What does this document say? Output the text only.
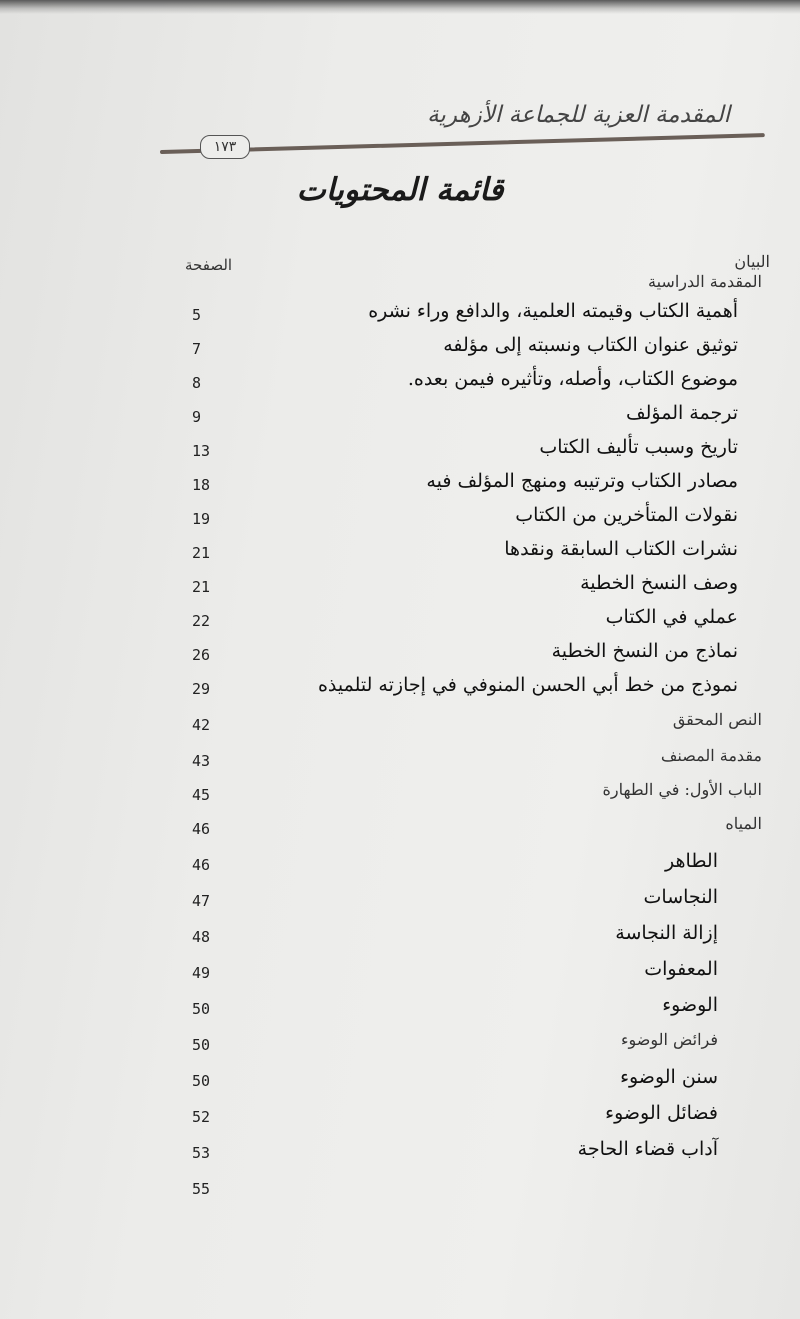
المقدمة العزية للجماعة الأزهرية
١٧٣
قائمة المحتويات
البيان
الصفحة
المقدمة الدراسية
أهمية الكتاب وقيمته العلمية، والدافع وراء نشره
5
توثيق عنوان الكتاب ونسبته إلى مؤلفه
7
موضوع الكتاب، وأصله، وتأثيره فيمن بعده.
8
ترجمة المؤلف
9
تاريخ وسبب تأليف الكتاب
13
مصادر الكتاب وترتيبه ومنهج المؤلف فيه
18
نقولات المتأخرين من الكتاب
19
نشرات الكتاب السابقة ونقدها
21
وصف النسخ الخطية
21
عملي في الكتاب
22
نماذج من النسخ الخطية
26
نموذج من خط أبي الحسن المنوفي في إجازته لتلميذه
29
النص المحقق
42
مقدمة المصنف
43
الباب الأول: في الطهارة
45
المياه
46
الطاهر
46
النجاسات
47
إزالة النجاسة
48
المعفوات
49
الوضوء
50
فرائض الوضوء
50
سنن الوضوء
50
فضائل الوضوء
52
آداب قضاء الحاجة
53
55
